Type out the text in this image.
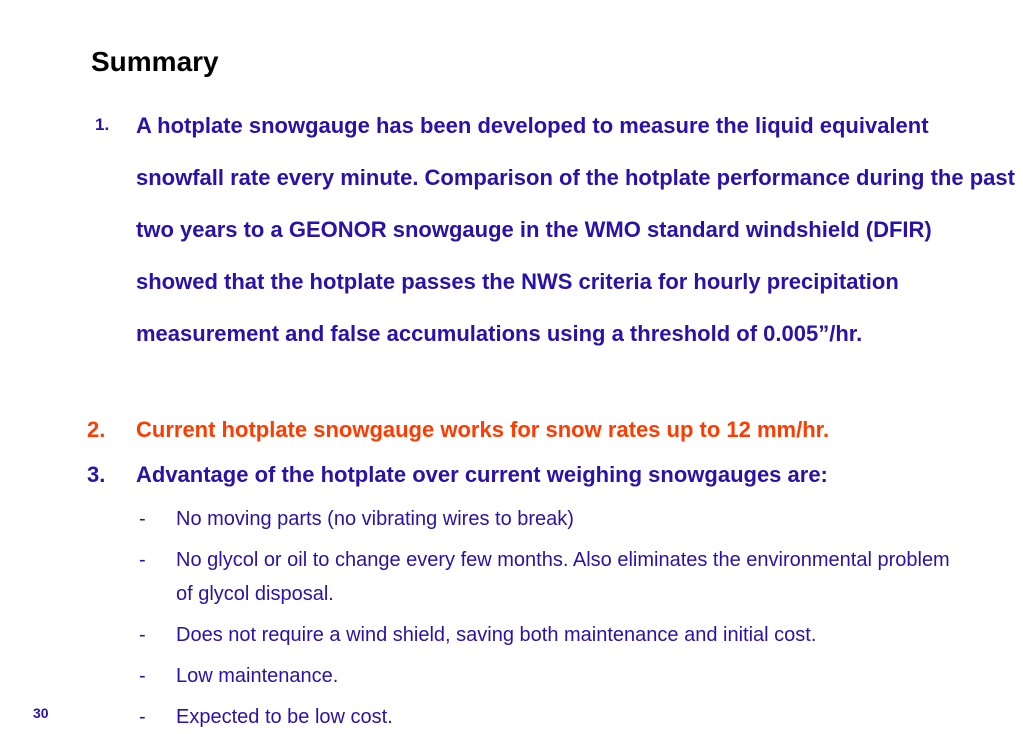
Summary
1.	A hotplate snowgauge has been developed to measure the liquid equivalent snowfall rate every minute. Comparison of the hotplate performance during the past two years to a GEONOR snowgauge in the WMO standard windshield (DFIR) showed that the hotplate passes the NWS criteria for hourly precipitation measurement and false accumulations using a threshold of 0.005”/hr.
2.	Current hotplate snowgauge works for snow rates up to 12 mm/hr.
3.	Advantage of the hotplate over current weighing snowgauges are:
- No moving parts (no vibrating wires to break)
- No glycol or oil to change every few months. Also eliminates the environmental problem of glycol disposal.
- Does not require a wind shield, saving both maintenance and initial cost.
- Low maintenance.
- Expected to be low cost.
30
